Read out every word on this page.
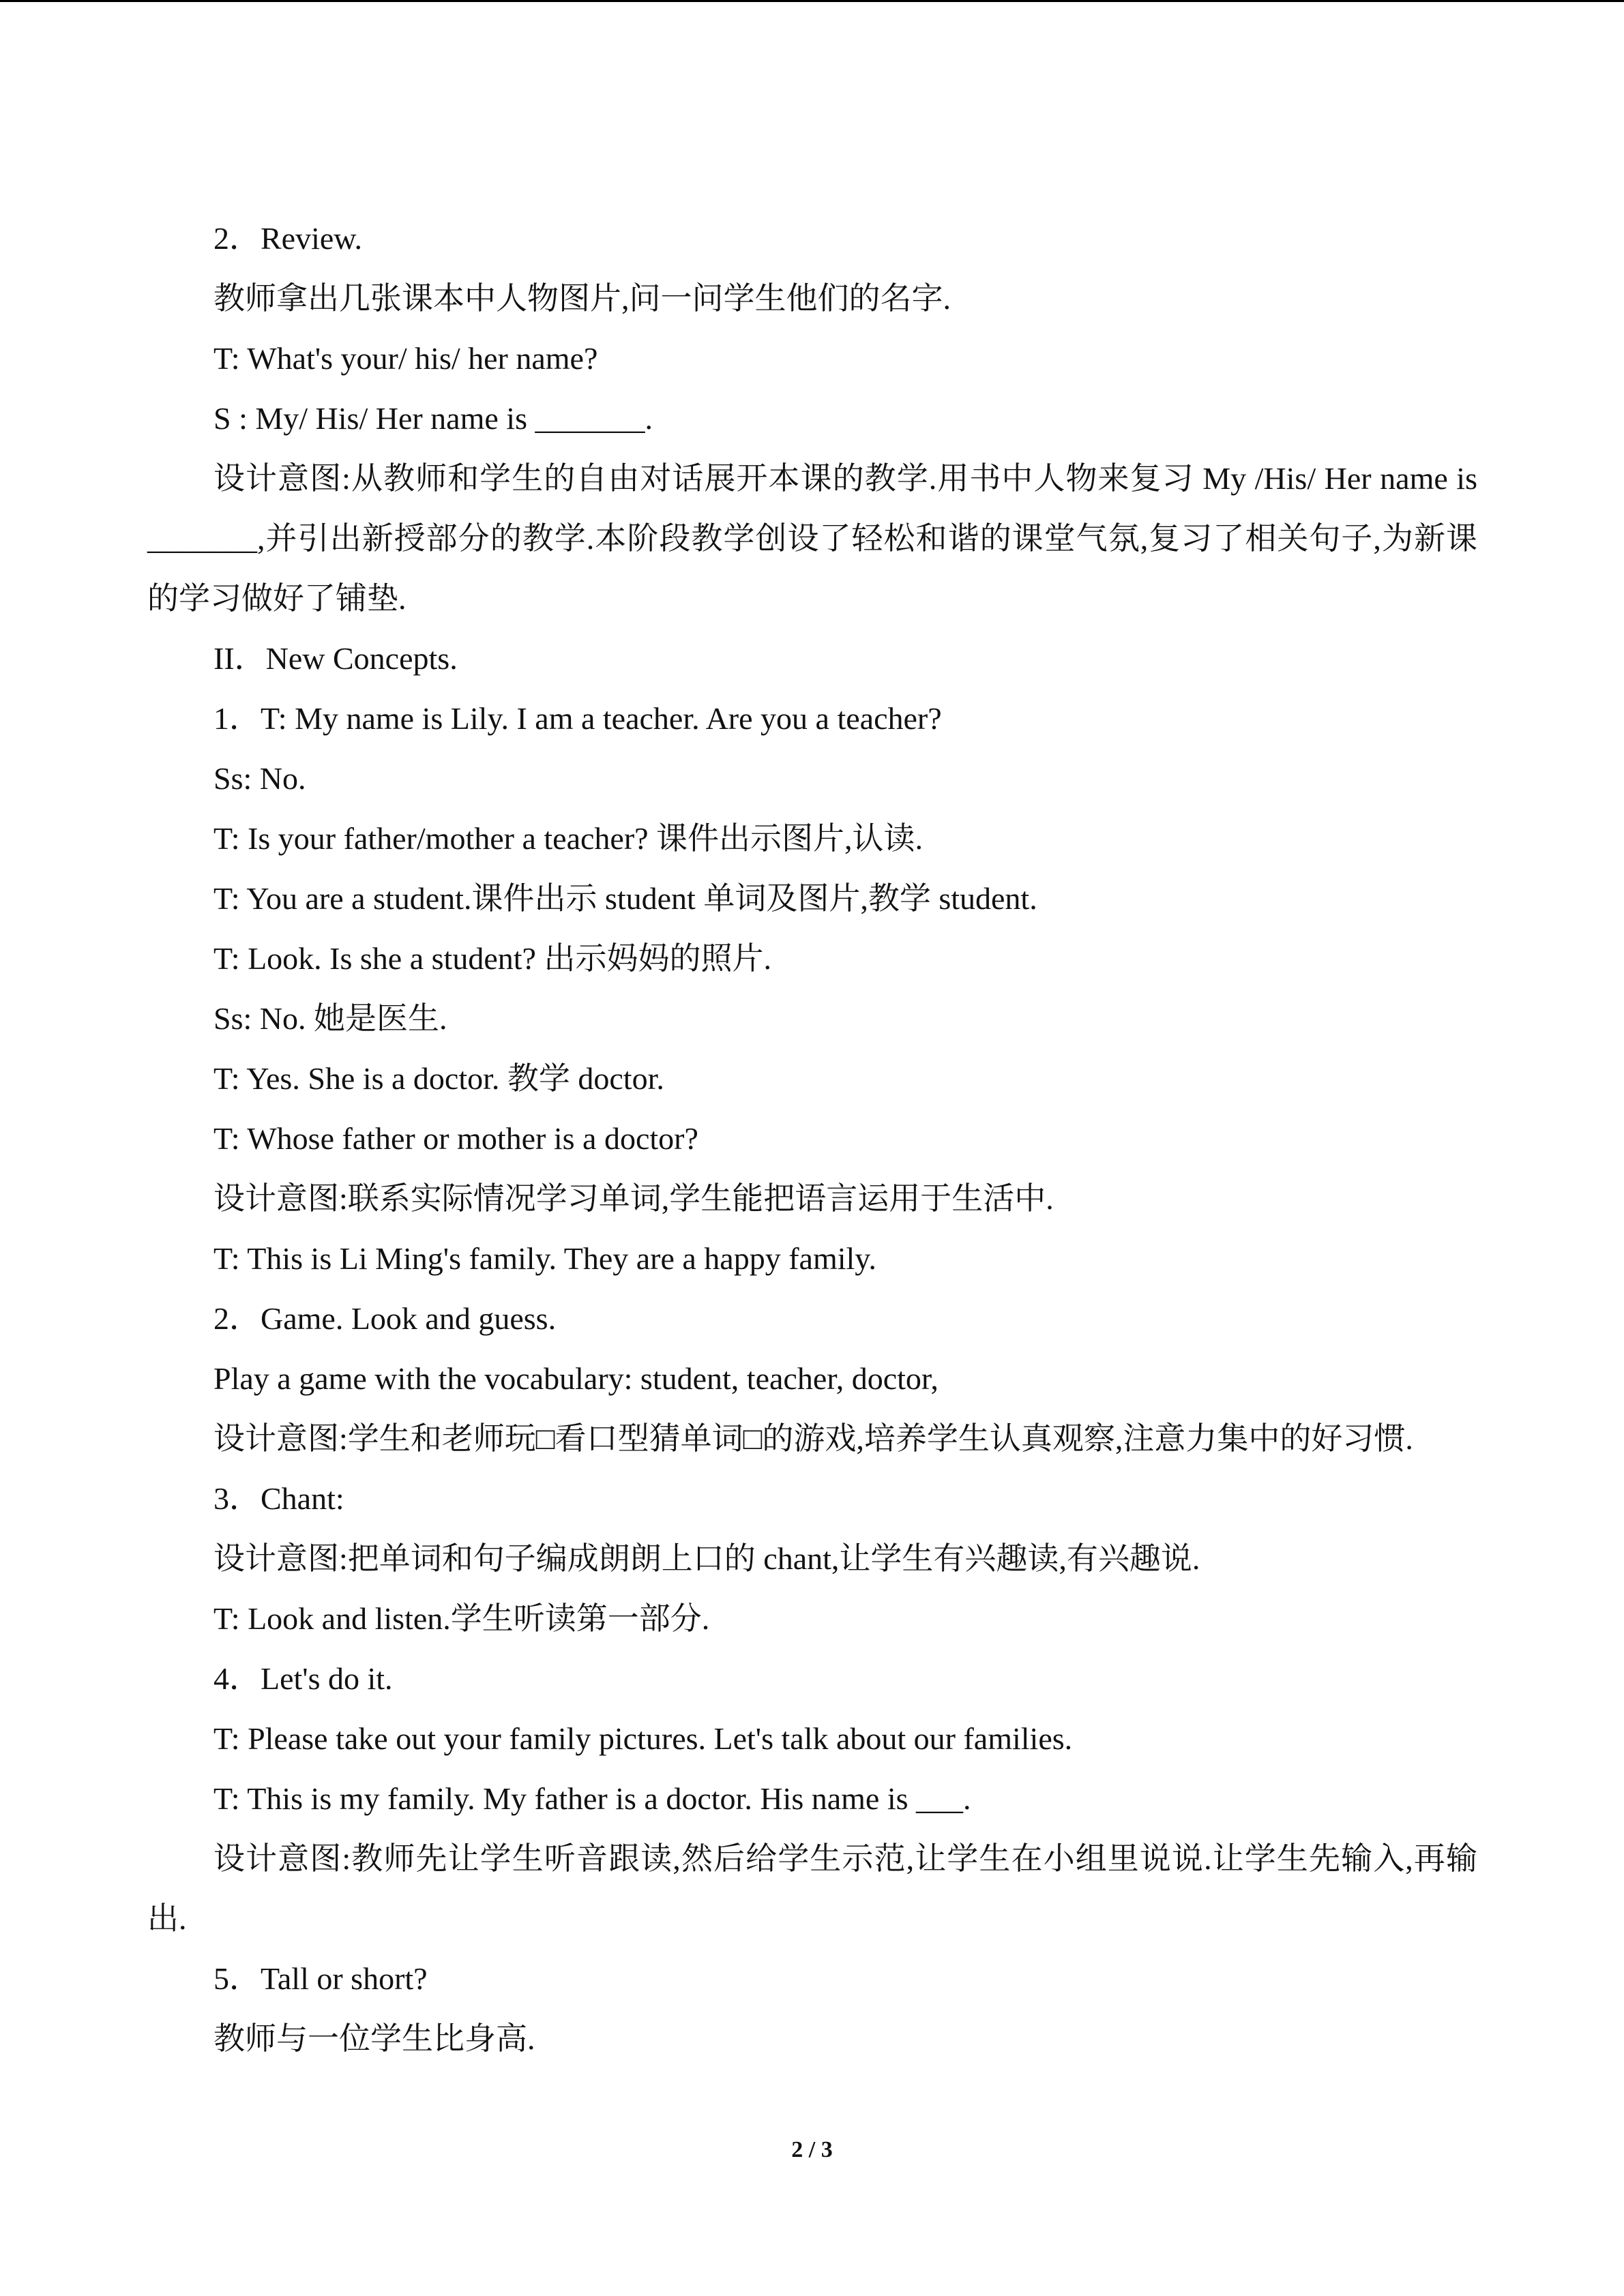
2．Review.
教师拿出几张课本中人物图片,问一问学生他们的名字.
T: What's your/ his/ her name?
S : My/ His/ Her name is _______.
设计意图:从教师和学生的自由对话展开本课的教学.用书中人物来复习 My /His/ Her name is _______,并引出新授部分的教学.本阶段教学创设了轻松和谐的课堂气氛,复习了相关句子,为新课的学习做好了铺垫.
II．New Concepts.
1．T: My name is Lily. I am a teacher. Are you a teacher?
Ss: No.
T: Is your father/mother a teacher? 课件出示图片,认读.
T: You are a student.课件出示 student 单词及图片,教学 student.
T: Look. Is she a student? 出示妈妈的照片.
Ss: No. 她是医生.
T: Yes. She is a doctor. 教学 doctor.
T: Whose father or mother is a doctor?
设计意图:联系实际情况学习单词,学生能把语言运用于生活中.
T: This is Li Ming's family. They are a happy family.
2．Game. Look and guess.
Play a game with the vocabulary: student, teacher, doctor,
设计意图:学生和老师玩□看口型猜单词□的游戏,培养学生认真观察,注意力集中的好习惯.
3．Chant:
设计意图:把单词和句子编成朗朗上口的 chant,让学生有兴趣读,有兴趣说.
T: Look and listen.学生听读第一部分.
4．Let's do it.
T: Please take out your family pictures. Let's talk about our families.
T: This is my family. My father is a doctor. His name is ___.
设计意图:教师先让学生听音跟读,然后给学生示范,让学生在小组里说说.让学生先输入,再输出.
5．Tall or short?
教师与一位学生比身高.
2 / 3
